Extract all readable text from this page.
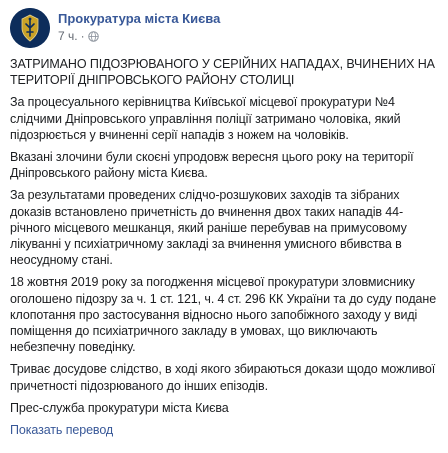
Прокуратура міста Києва
7 ч. ·

ЗАТРИМАНО ПІДОЗРЮВАНОГО У СЕРІЙНИХ НАПАДАХ, ВЧИНЕНИХ НА ТЕРИТОРІЇ ДНІПРОВСЬКОГО РАЙОНУ СТОЛИЦІ

За процесуального керівництва Київської місцевої прокуратури №4 слідчими Дніпровського управління поліції затримано чоловіка, який підозрюється у вчиненні серії нападів з ножем на чоловіків.

Вказані злочини були скоєні упродовж вересня цього року на території Дніпровського району міста Києва.

За результатами проведених слідчо-розшукових заходів та зібраних доказів встановлено причетність до вчинення двох таких нападів 44-річного місцевого мешканця, який раніше перебував на примусовому лікуванні у психіатричному закладі за вчинення умисного вбивства в неосудному стані.

18 жовтня 2019 року за погодження місцевої прокуратури зловмиснику оголошено підозру за ч. 1 ст. 121, ч. 4 ст. 296 КК України та до суду подане клопотання про застосування відносно нього запобіжного заходу у виді поміщення до психіатричного закладу в умовах, що виключають небезпечну поведінку.

Триває досудове слідство, в ході якого збираються докази щодо можливої причетності підозрюваного до інших епізодів.

Прес-служба прокуратури міста Києва

Показать перевод
